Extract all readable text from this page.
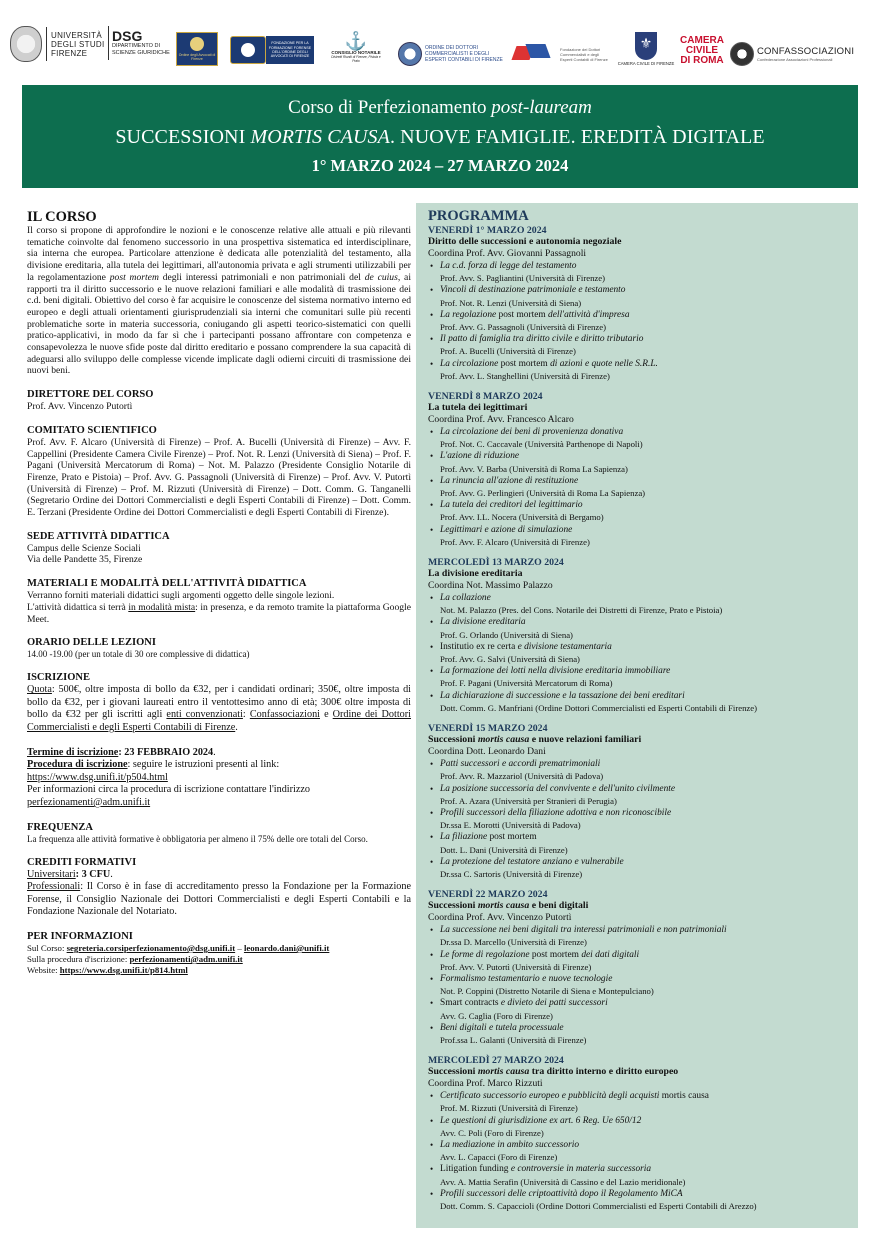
UNIVERSITÀ DEGLI STUDI FIRENZE
DSG
DIPARTIMENTO DI SCIENZE GIURIDICHE	Ordine degli Avvocati di Firenze
FONDAZIONE PER LA FORMAZIONE FORENSE DELL'ORDINE DEGLI AVVOCATI DI FIRENZE
⚓
CONSIGLIO NOTARILE
Distretti Riuniti di Firenze, Pistoia e Prato
ORDINE DEI DOTTORI COMMERCIALISTI E DEGLI ESPERTI CONTABILI DI FIRENZE
Fondazione dei Dottori Commercialisti e degli Esperti Contabili di Firenze
⚜
CAMERA CIVILE DI FIRENZE
CAMERA CIVILE DI ROMA
CONFASSOCIAZIONI
Confederazione Associazioni Professionali
Corso di Perfezionamento post-lauream
SUCCESSIONI MORTIS CAUSA. NUOVE FAMIGLIE. EREDITÀ DIGITALE
1° MARZO 2024 – 27 MARZO 2024
IL CORSO
Il corso si propone di approfondire le nozioni e le conoscenze relative alle attuali e più rilevanti tematiche coinvolte dal fenomeno successorio in una prospettiva sistematica ed interdisciplinare, sia interna che europea. Particolare attenzione è dedicata alle potenzialità del testamento, alla divisione ereditaria, alla tutela dei legittimari, all'autonomia privata e agli strumenti utilizzabili per la regolamentazione post mortem degli interessi patrimoniali e non patrimoniali del de cuius, ai rapporti tra il diritto successorio e le nuove relazioni familiari e alle modalità di trasmissione dei c.d. beni digitali. Obiettivo del corso è far acquisire le conoscenze del sistema normativo interno ed europeo e degli attuali orientamenti giurisprudenziali sia interni che comunitari sulle più recenti problematiche sorte in materia successoria, coniugando gli aspetti teorico-sistematici con quelli pratico-applicativi, in modo da far sì che i partecipanti possano affrontare con competenza e consapevolezza le nuove sfide poste dal diritto ereditario e possano comprendere la sua capacità di adeguarsi allo sviluppo delle complesse vicende implicate dagli odierni circuiti di trasmissione dei nuovi beni.
DIRETTORE DEL CORSO
Prof. Avv. Vincenzo Putortì
COMITATO SCIENTIFICO
Prof. Avv. F. Alcaro (Università di Firenze) – Prof. A. Bucelli (Università di Firenze) – Avv. F. Cappellini (Presidente Camera Civile Firenze) – Prof. Not. R. Lenzi (Università di Siena) – Prof. F. Pagani (Università Mercatorum di Roma) – Not. M. Palazzo (Presidente Consiglio Notarile di Firenze, Prato e Pistoia) – Prof. Avv. G. Passagnoli (Università di Firenze) – Prof. Avv. V. Putortì (Università di Firenze) – Prof. M. Rizzuti (Università di Firenze) – Dott. Comm. G. Tanganelli (Segretario Ordine dei Dottori Commercialisti e degli Esperti Contabili di Firenze) – Dott. Comm. E. Terzani (Presidente Ordine dei Dottori Commercialisti e degli Esperti Contabili di Firenze).
SEDE ATTIVITÀ DIDATTICA
Campus delle Scienze Sociali
Via delle Pandette 35, Firenze
MATERIALI E MODALITÀ DELL'ATTIVITÀ DIDATTICA
Verranno forniti materiali didattici sugli argomenti oggetto delle singole lezioni.
L'attività didattica si terrà in modalità mista: in presenza, e da remoto tramite la piattaforma Google Meet.
ORARIO DELLE LEZIONI
14.00 -19.00 (per un totale di 30 ore complessive di didattica)
ISCRIZIONE
Quota: 500€, oltre imposta di bollo da €32, per i candidati ordinari; 350€, oltre imposta di bollo da €32, per i giovani laureati entro il ventottesimo anno di età; 300€ oltre imposta di bollo da €32 per gli iscritti agli enti convenzionati: Confassociazioni e Ordine dei Dottori Commercialisti e degli Esperti Contabili di Firenze.
Termine di iscrizione: 23 FEBBRAIO 2024.
Procedura di iscrizione: seguire le istruzioni presenti al link:
https://www.dsg.unifi.it/p504.html
Per informazioni circa la procedura di iscrizione contattare l'indirizzo
perfezionamenti@adm.unifi.it
FREQUENZA
La frequenza alle attività formative è obbligatoria per almeno il 75% delle ore totali del Corso.
CREDITI FORMATIVI
Universitari: 3 CFU.
Professionali: Il Corso è in fase di accreditamento presso la Fondazione per la Formazione Forense, il Consiglio Nazionale dei Dottori Commercialisti e degli Esperti Contabili e la Fondazione Nazionale del Notariato.
PER INFORMAZIONI
Sul Corso: segreteria.corsiperfezionamento@dsg.unifi.it – leonardo.dani@unifi.it
Sulla procedura d'iscrizione: perfezionamenti@adm.unifi.it
Website: https://www.dsg.unifi.it/p814.html
PROGRAMMA
VENERDÌ 1° MARZO 2024
Diritto delle successioni e autonomia negoziale
Coordina Prof. Avv. Giovanni Passagnoli
• La c.d. forza di legge del testamento
Prof. Avv. S. Pagliantini (Università di Firenze)
• Vincoli di destinazione patrimoniale e testamento
Prof. Not. R. Lenzi (Università di Siena)
• La regolazione post mortem dell'attività d'impresa
Prof. Avv. G. Passagnoli (Università di Firenze)
• Il patto di famiglia tra diritto civile e diritto tributario
Prof. A. Bucelli (Università di Firenze)
• La circolazione post mortem di azioni e quote nelle S.R.L.
Prof. Avv. L. Stanghellini (Università di Firenze)
VENERDÌ 8 MARZO 2024
La tutela dei legittimari
Coordina Prof. Avv. Francesco Alcaro
• La circolazione dei beni di provenienza donativa
Prof. Not. C. Caccavale (Università Parthenope di Napoli)
• L'azione di riduzione
Prof. Avv. V. Barba (Università di Roma La Sapienza)
• La rinuncia all'azione di restituzione
Prof. Avv. G. Perlingieri (Università di Roma La Sapienza)
• La tutela dei creditori del legittimario
Prof. Avv. I.L. Nocera (Università di Bergamo)
• Legittimari e azione di simulazione
Prof. Avv. F. Alcaro (Università di Firenze)
MERCOLEDÌ 13 MARZO 2024
La divisione ereditaria
Coordina Not. Massimo Palazzo
• La collazione
Not. M. Palazzo (Pres. del Cons. Notarile dei Distretti di Firenze, Prato e Pistoia)
• La divisione ereditaria
Prof. G. Orlando (Università di Siena)
• Institutio ex re certa e divisione testamentaria
Prof. Avv. G. Salvi (Università di Siena)
• La formazione dei lotti nella divisione ereditaria immobiliare
Prof. F. Pagani (Università Mercatorum di Roma)
• La dichiarazione di successione e la tassazione dei beni ereditari
Dott. Comm. G. Manfriani (Ordine Dottori Commercialisti ed Esperti Contabili di Firenze)
VENERDÌ 15 MARZO 2024
Successioni mortis causa e nuove relazioni familiari
Coordina Dott. Leonardo Dani
• Patti successori e accordi prematrimoniali
Prof. Avv. R. Mazzariol (Università di Padova)
• La posizione successoria del convivente e dell'unito civilmente
Prof. A. Azara (Università per Stranieri di Perugia)
• Profili successori della filiazione adottiva e non riconoscibile
Dr.ssa E. Morotti (Università di Padova)
• La filiazione post mortem
Dott. L. Dani (Università di Firenze)
• La protezione del testatore anziano e vulnerabile
Dr.ssa C. Sartoris (Università di Firenze)
VENERDÌ 22 MARZO 2024
Successioni mortis causa e beni digitali
Coordina Prof. Avv. Vincenzo Putortì
• La successione nei beni digitali tra interessi patrimoniali e non patrimoniali
Dr.ssa D. Marcello (Università di Firenze)
• Le forme di regolazione post mortem dei dati digitali
Prof. Avv. V. Putortì (Università di Firenze)
• Formalismo testamentario e nuove tecnologie
Not. P. Coppini (Distretto Notarile di Siena e Montepulciano)
• Smart contracts e divieto dei patti successori
Avv. G. Caglia (Foro di Firenze)
• Beni digitali e tutela processuale
Prof.ssa L. Galanti (Università di Firenze)
MERCOLEDÌ 27 MARZO 2024
Successioni mortis causa tra diritto interno e diritto europeo
Coordina Prof. Marco Rizzuti
• Certificato successorio europeo e pubblicità degli acquisti mortis causa
Prof. M. Rizzuti (Università di Firenze)
• Le questioni di giurisdizione ex art. 6 Reg. Ue 650/12
Avv. C. Poli (Foro di Firenze)
• La mediazione in ambito successorio
Avv. L. Capacci (Foro di Firenze)
• Litigation funding e controversie in materia successoria
Avv. A. Mattia Serafin (Università di Cassino e del Lazio meridionale)
• Profili successori delle criptoattività dopo il Regolamento MiCA
Dott. Comm. S. Capaccioli (Ordine Dottori Commercialisti ed Esperti Contabili di Arezzo)
